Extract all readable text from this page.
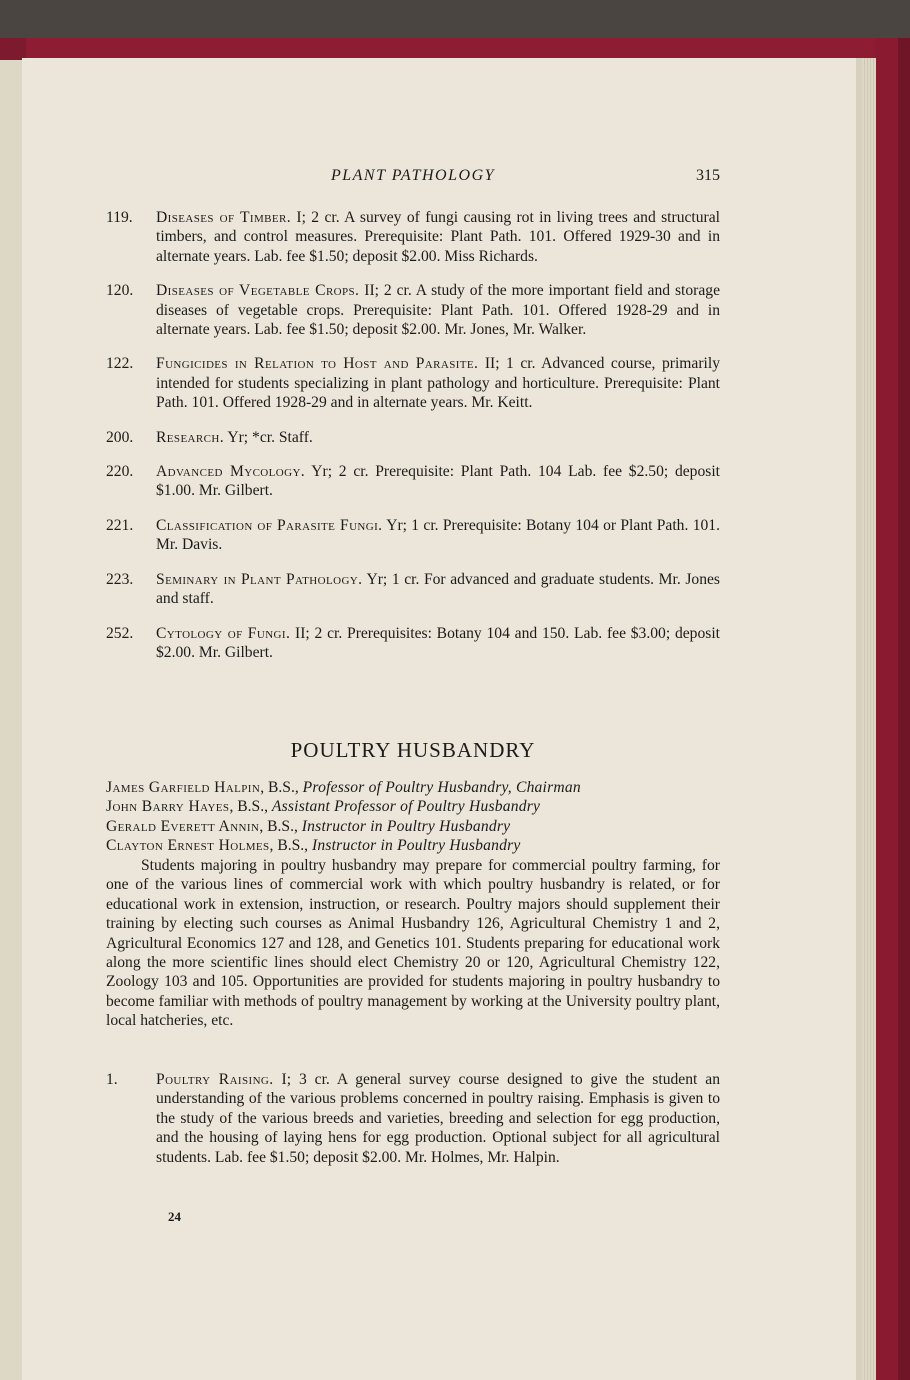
PLANT PATHOLOGY	315
119. Diseases of Timber. I; 2 cr. A survey of fungi causing rot in living trees and structural timbers, and control measures. Prerequisite: Plant Path. 101. Offered 1929-30 and in alternate years. Lab. fee $1.50; deposit $2.00. Miss Richards.
120. Diseases of Vegetable Crops. II; 2 cr. A study of the more important field and storage diseases of vegetable crops. Prerequisite: Plant Path. 101. Offered 1928-29 and in alternate years. Lab. fee $1.50; deposit $2.00. Mr. Jones, Mr. Walker.
122. Fungicides in Relation to Host and Parasite. II; 1 cr. Advanced course, primarily intended for students specializing in plant pathology and horticulture. Prerequisite: Plant Path. 101. Offered 1928-29 and in alternate years. Mr. Keitt.
200. Research. Yr; *cr. Staff.
220. Advanced Mycology. Yr; 2 cr. Prerequisite: Plant Path. 104 Lab. fee $2.50; deposit $1.00. Mr. Gilbert.
221. Classification of Parasite Fungi. Yr; 1 cr. Prerequisite: Botany 104 or Plant Path. 101. Mr. Davis.
223. Seminary in Plant Pathology. Yr; 1 cr. For advanced and graduate students. Mr. Jones and staff.
252. Cytology of Fungi. II; 2 cr. Prerequisites: Botany 104 and 150. Lab. fee $3.00; deposit $2.00. Mr. Gilbert.
POULTRY HUSBANDRY
James Garfield Halpin, B.S., Professor of Poultry Husbandry, Chairman
John Barry Hayes, B.S., Assistant Professor of Poultry Husbandry
Gerald Everett Annin, B.S., Instructor in Poultry Husbandry
Clayton Ernest Holmes, B.S., Instructor in Poultry Husbandry

Students majoring in poultry husbandry may prepare for commercial poultry farming, for one of the various lines of commercial work with which poultry husbandry is related, or for educational work in extension, instruction, or research. Poultry majors should supplement their training by electing such courses as Animal Husbandry 126, Agricultural Chemistry 1 and 2, Agricultural Economics 127 and 128, and Genetics 101. Students preparing for educational work along the more scientific lines should elect Chemistry 20 or 120, Agricultural Chemistry 122, Zoology 103 and 105. Opportunities are provided for students majoring in poultry husbandry to become familiar with methods of poultry management by working at the University poultry plant, local hatcheries, etc.

1. Poultry Raising. I; 3 cr. A general survey course designed to give the student an understanding of the various problems concerned in poultry raising. Emphasis is given to the study of the various breeds and varieties, breeding and selection for egg production, and the housing of laying hens for egg production. Optional subject for all agricultural students. Lab. fee $1.50; deposit $2.00. Mr. Holmes, Mr. Halpin.
24
